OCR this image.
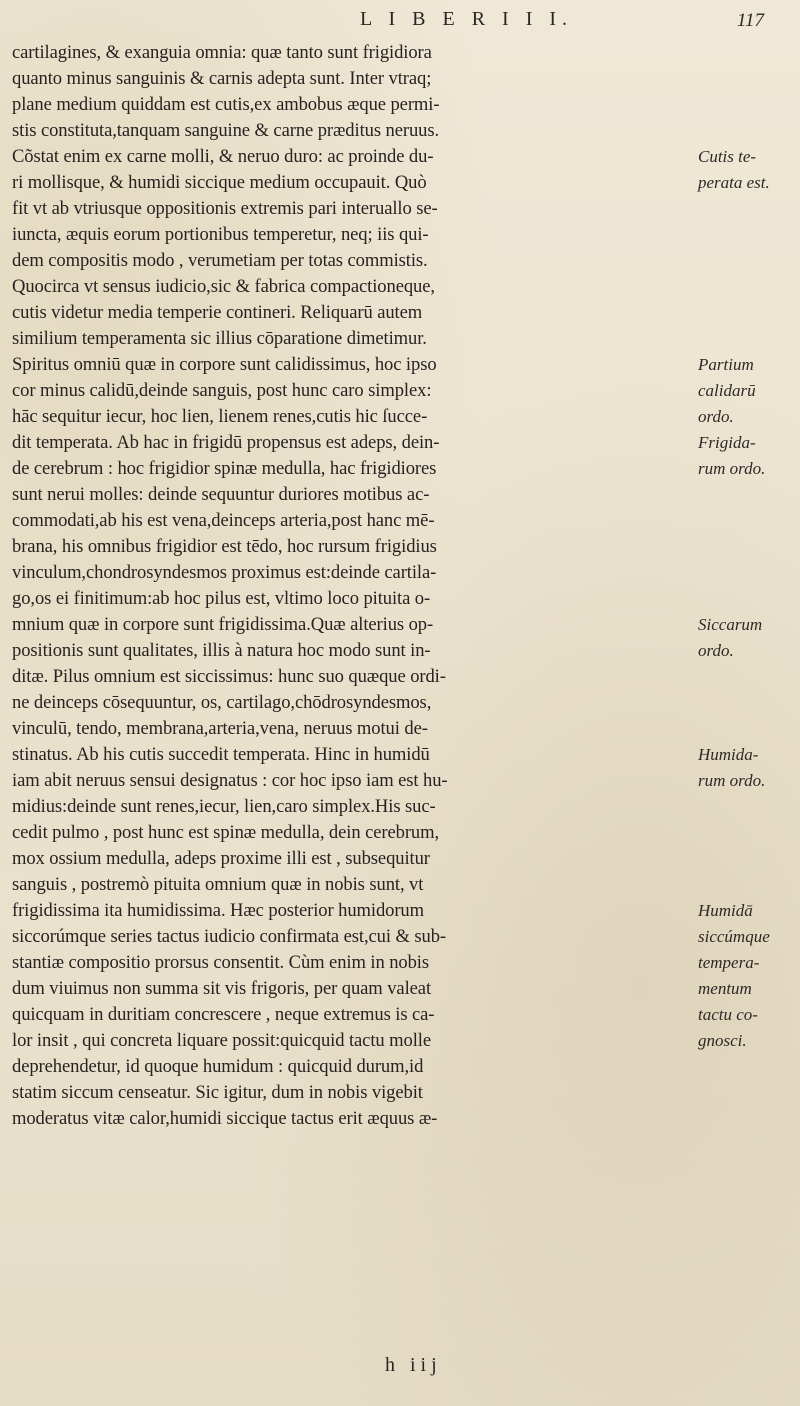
L I B E R I I I.	117
cartilagines, & exanguia omnia: quæ tanto sunt frigidiora
quanto minus sanguinis & carnis adepta sunt. Inter vtraq;
plane medium quiddam est cutis,ex ambobus æque permi-
stis constituta,tanquam sanguine & carne præditus neruus.
Cõstat enim ex carne molli, & neruo duro: ac proinde du-
ri mollisque, & humidi siccique medium occupauit. Quò
fit vt ab vtriusque oppositionis extremis pari interuallo se-
iuncta, æquis eorum portionibus temperetur, neq; iis qui-
dem compositis modo , verumetiam per totas commistis.
Quocirca vt sensus iudicio,sic & fabrica compactioneque,
cutis videtur media temperie contineri. Reliquarū autem
similium temperamenta sic illius cōparatione dimetimur.
Spiritus omniū quæ in corpore sunt calidissimus, hoc ipso
cor minus calidū,deinde sanguis, post hunc caro simplex:
hāc sequitur iecur, hoc lien, lienem renes,cutis hic ſucce-
dit temperata. Ab hac in frigidū propensus est adeps, dein-
de cerebrum : hoc frigidior spinæ medulla, hac frigidiores
sunt nerui molles: deinde sequuntur duriores motibus ac-
commodati,ab his est vena,deinceps arteria,post hanc mē-
brana, his omnibus frigidior est tēdo, hoc rursum frigidius
vinculum,chondrosyndesmos proximus est:deinde cartila-
go,os ei finitimum:ab hoc pilus est, vltimo loco pituita o-
mnium quæ in corpore sunt frigidissima.Quæ alterius op-
positionis sunt qualitates, illis à natura hoc modo sunt in-
ditæ. Pilus omnium est siccissimus: hunc suo quæque ordi-
ne deinceps cōsequuntur, os, cartilago,chōdrosyndesmos,
vinculū, tendo, membrana,arteria,vena, neruus motui de-
stinatus. Ab his cutis succedit temperata. Hinc in humidū
iam abit neruus sensui designatus : cor hoc ipso iam est hu-
midius:deinde sunt renes,iecur, lien,caro simplex.His suc-
cedit pulmo , post hunc est spinæ medulla, dein cerebrum,
mox ossium medulla, adeps proxime illi est , subsequitur
sanguis , postremò pituita omnium quæ in nobis sunt, vt
frigidissima ita humidissima. Hæc posterior humidorum
siccorúmque series tactus iudicio confirmata est,cui & sub-
stantiæ compositio prorsus consentit. Cùm enim in nobis
dum viuimus non summa sit vis frigoris, per quam valeat
quicquam in duritiam concrescere , neque extremus is ca-
lor insit , qui concreta liquare possit:quicquid tactu molle
deprehendetur, id quoque humidum : quicquid durum,id
statim siccum censeatur. Sic igitur, dum in nobis vigebit
moderatus vitæ calor,humidi siccique tactus erit æquus æ-
Cutis te-
perata est.
Partium
calidarū
ordo.
Frigida-
rum ordo.
Siccarum
ordo.
Humida-
rum ordo.
Humidā
siccúmque
tempera-
mentum
tactu co-
gnosci.
h iij
